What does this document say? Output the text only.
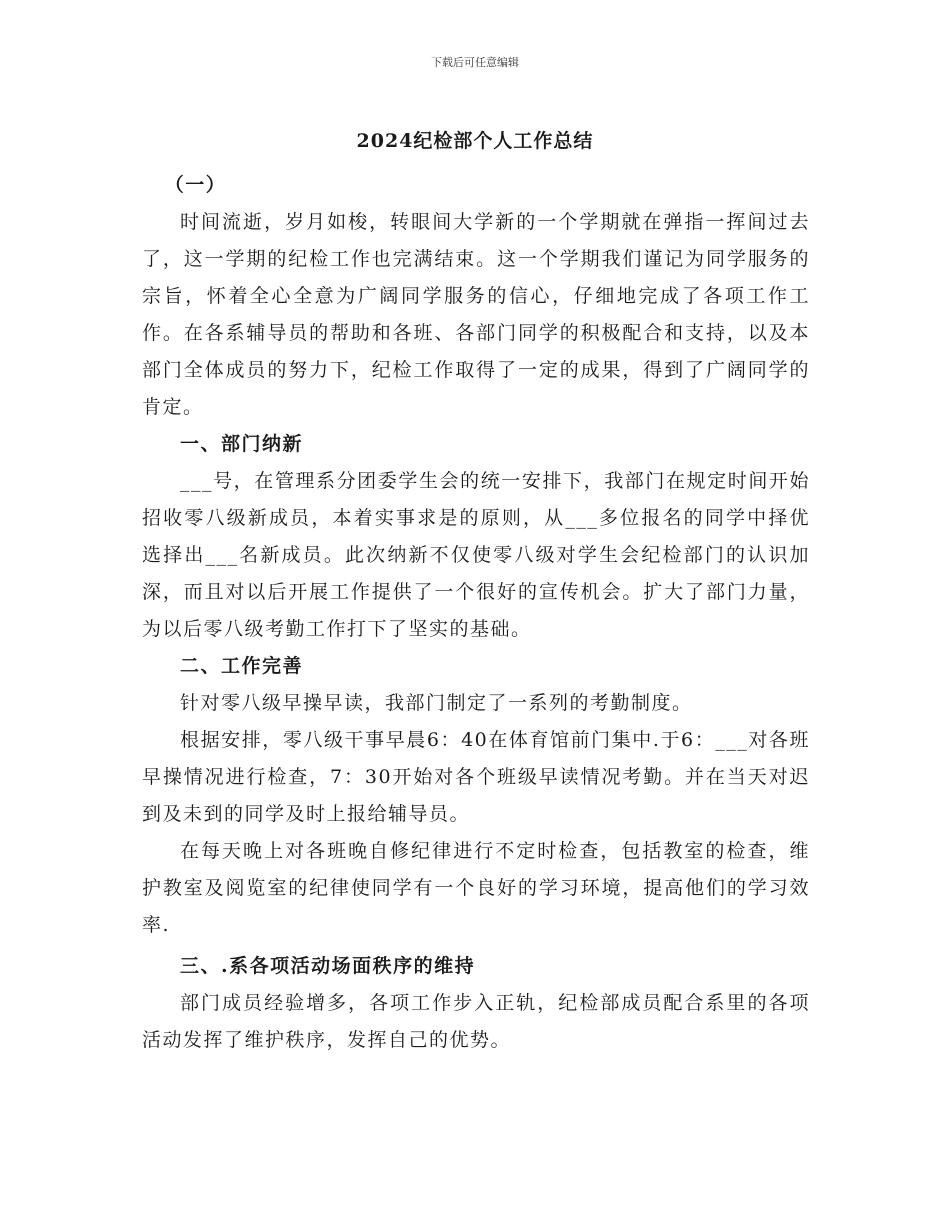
下载后可任意编辑
2024纪检部个人工作总结

（一）

时间流逝，岁月如梭，转眼间大学新的一个学期就在弹指一挥间过去了，这一学期的纪检工作也完满结束。这一个学期我们谨记为同学服务的宗旨，怀着全心全意为广阔同学服务的信心，仔细地完成了各项工作工作。在各系辅导员的帮助和各班、各部门同学的积极配合和支持，以及本部门全体成员的努力下，纪检工作取得了一定的成果，得到了广阔同学的肯定。

一、部门纳新

___号，在管理系分团委学生会的统一安排下，我部门在规定时间开始招收零八级新成员，本着实事求是的原则，从___多位报名的同学中择优选择出___名新成员。此次纳新不仅使零八级对学生会纪检部门的认识加深，而且对以后开展工作提供了一个很好的宣传机会。扩大了部门力量，为以后零八级考勤工作打下了坚实的基础。

二、工作完善

针对零八级早操早读，我部门制定了一系列的考勤制度。

根据安排，零八级干事早晨6：40在体育馆前门集中.于6：___对各班早操情况进行检查，7：30开始对各个班级早读情况考勤。并在当天对迟到及未到的同学及时上报给辅导员。

在每天晚上对各班晚自修纪律进行不定时检查，包括教室的检查，维护教室及阅览室的纪律使同学有一个良好的学习环境，提高他们的学习效率.

三、.系各项活动场面秩序的维持

部门成员经验增多，各项工作步入正轨，纪检部成员配合系里的各项活动发挥了维护秩序，发挥自己的优势。
